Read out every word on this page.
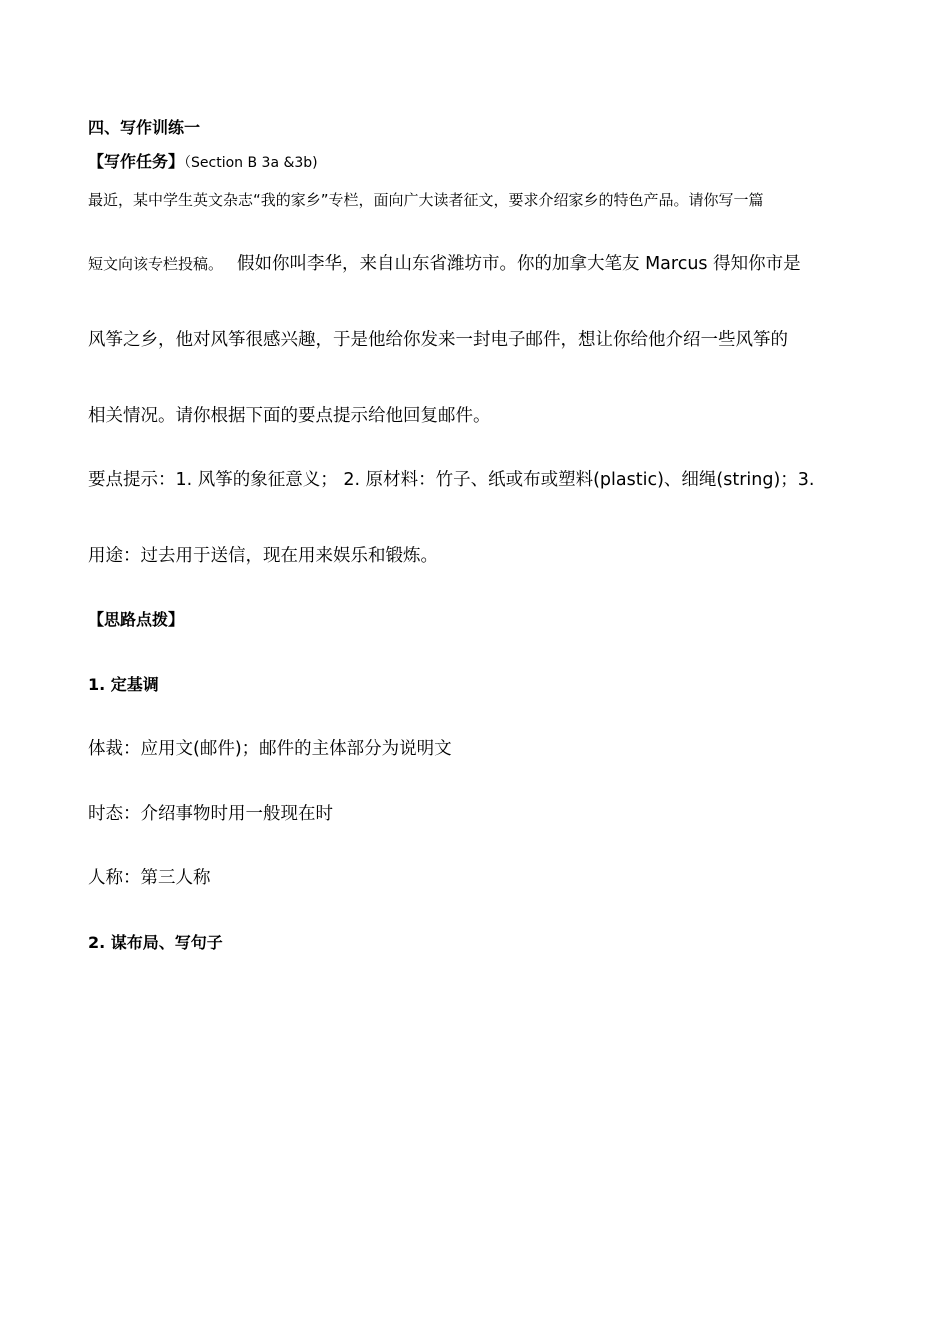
四、写作训练一
【写作任务】（Section B 3a &3b)
最近，某中学生英文杂志“我的家乡”专栏，面向广大读者征文，要求介绍家乡的特色产品。请你写一篇
短文向该专栏投稿。 假如你叫李华，来自山东省潍坊市。你的加拿大笔友 Marcus 得知你市是
风筝之乡，他对风筝很感兴趣，于是他给你发来一封电子邮件，想让你给他介绍一些风筝的
相关情况。请你根据下面的要点提示给他回复邮件。
要点提示：1. 风筝的象征意义； 2. 原材料：竹子、纸或布或塑料(plastic)、细绳(string)；3.
用途：过去用于送信，现在用来娱乐和锻炼。
【思路点拨】
1. 定基调
体裁：应用文(邮件)；邮件的主体部分为说明文
时态：介绍事物时用一般现在时
人称：第三人称
2. 谋布局、写句子
